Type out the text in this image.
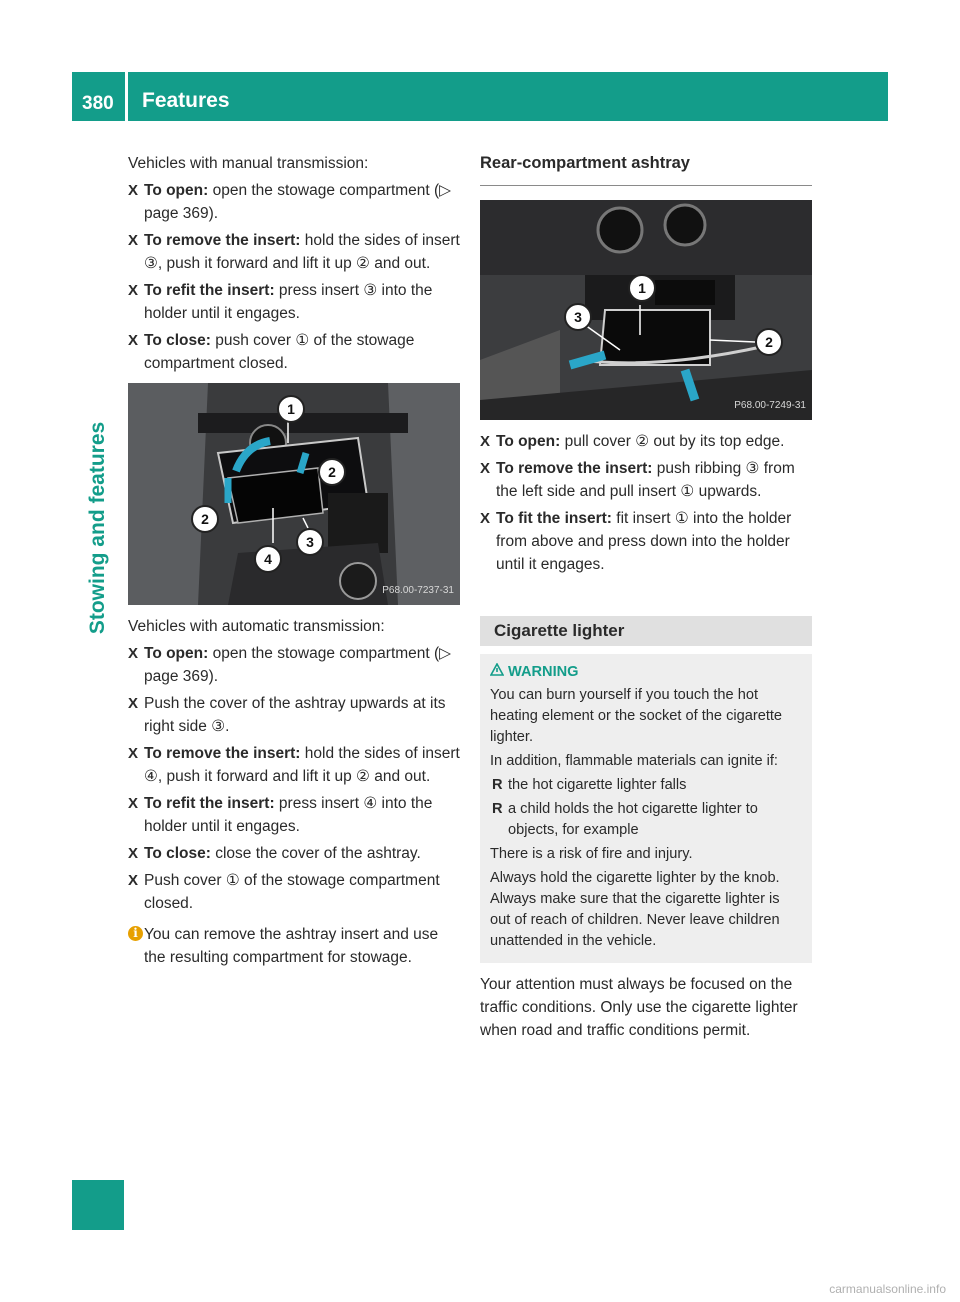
380 Features
Stowing and features

Vehicles with manual transmission:

X To open: open the stowage compartment (▷ page 369).
X To remove the insert: hold the sides of insert ③, push it forward and lift it up ② and out.
X To refit the insert: press insert ③ into the holder until it engages.
X To close: push cover ① of the stowage compartment closed.
1
2
2
3
4
P68.00-7237-31

Vehicles with automatic transmission:

X To open: open the stowage compartment (▷ page 369).
X Push the cover of the ashtray upwards at its right side ③.
X To remove the insert: hold the sides of insert ④, push it forward and lift it up ② and out.
X To refit the insert: press insert ④ into the holder until it engages.
X To close: close the cover of the ashtray.
X Push cover ① of the stowage compartment closed.
i You can remove the ashtray insert and use the resulting compartment for stowage.
Rear-compartment ashtray
1
2
3
P68.00-7249-31
X To open: pull cover ② out by its top edge.
X To remove the insert: push ribbing ③ from the left side and pull insert ① upwards.
X To fit the insert: fit insert ① into the holder from above and press down into the holder until it engages.
Cigarette lighter
WARNING

You can burn yourself if you touch the hot heating element or the socket of the cigarette lighter.

In addition, flammable materials can ignite if:

R the hot cigarette lighter falls
R a child holds the hot cigarette lighter to objects, for example

There is a risk of fire and injury.

Always hold the cigarette lighter by the knob. Always make sure that the cigarette lighter is out of reach of children. Never leave children unattended in the vehicle.

Your attention must always be focused on the traffic conditions. Only use the cigarette lighter when road and traffic conditions permit.

carmanualsonline.info
